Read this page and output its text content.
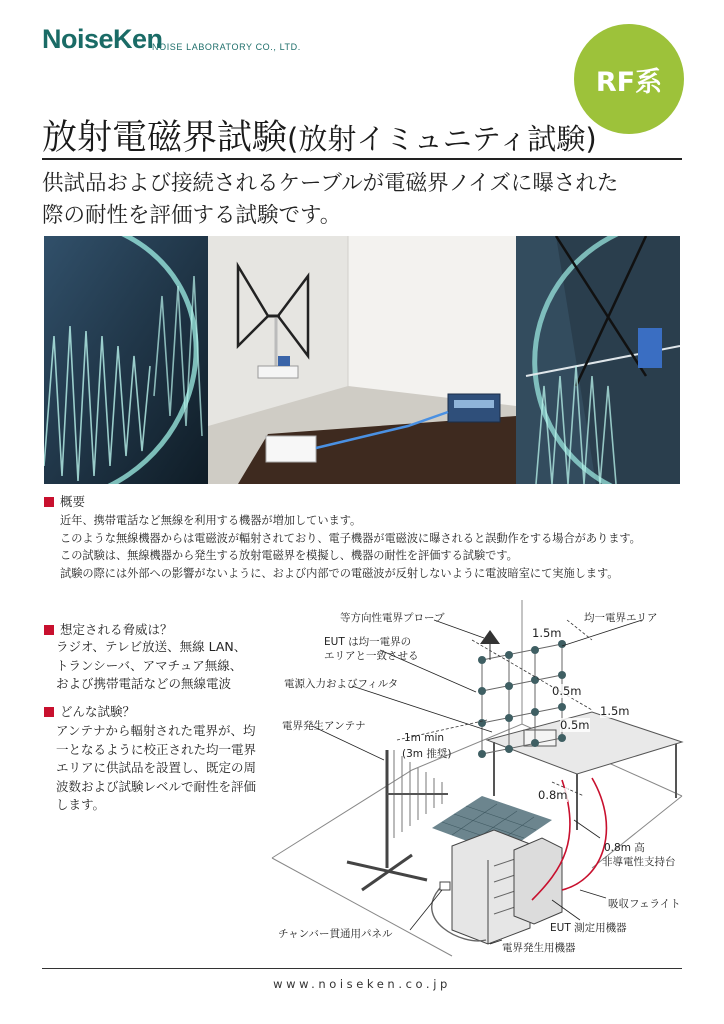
NoiseKen
NOISE LABORATORY CO., LTD.
RF系
放射電磁界試験(放射イミュニティ試験)
供試品および接続されるケーブルが電磁界ノイズに曝された
際の耐性を評価する試験です。
概要
近年、携帯電話など無線を利用する機器が増加しています。
このような無線機器からは電磁波が輻射されており、電子機器が電磁波に曝されると誤動作をする場合があります。
この試験は、無線機器から発生する放射電磁界を模擬し、機器の耐性を評価する試験です。
試験の際には外部への影響がないように、および内部での電磁波が反射しないように電波暗室にて実施します。
想定される脅威は？
ラジオ、テレビ放送、無線 LAN、
トランシーバ、アマチュア無線、
および携帯電話などの無線電波
どんな試験？
アンテナから輻射された電界が、均
一となるように校正された均一電界
エリアに供試品を設置し、既定の周
波数および試験レベルで耐性を評価
します。
等方向性電界プローブ	均一電界エリア
EUT は均一電界の
エリアと一致させる
電源入力およびフィルタ
電界発生アンテナ
1m min
(3m 推奨)
1.5m
1.5m
0.5m
0.5m
0.8m
0.8m 高
非導電性支持台
吸収フェライト
EUT 測定用機器
チャンバー貫通用パネル
電界発生用機器
www.noiseken.co.jp
